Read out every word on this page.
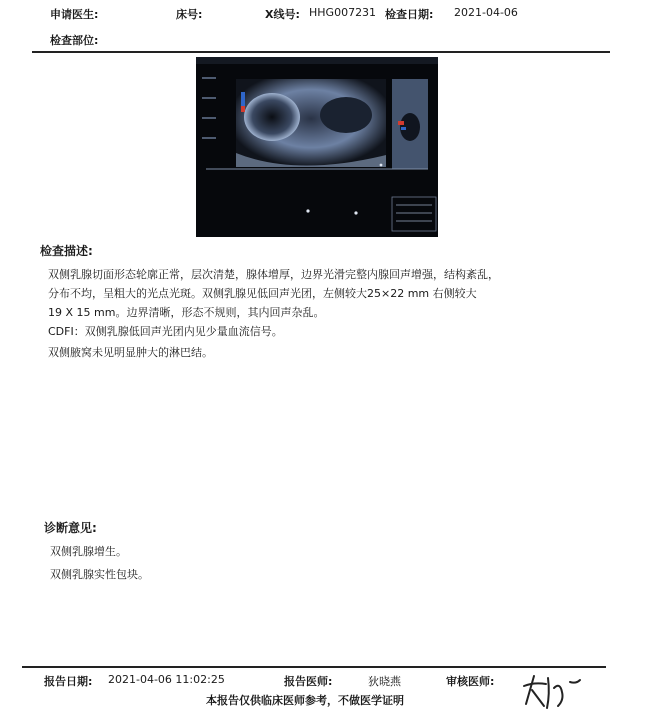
申请医生:	床号:	X线号: HHG007231 检查日期: 2021-04-06
检查部位:
检查描述:
双侧乳腺切面形态轮廓正常，层次清楚，腺体增厚，边界光滑完整内腺回声增强，结构紊乱，
分布不均，呈粗大的光点光斑。双侧乳腺见低回声光团，左侧较大25×22 mm 右侧较大
19 X 15 mm。边界清晰，形态不规则，其内回声杂乱。
CDFI：双侧乳腺低回声光团内见少量血流信号。
双侧腋窝未见明显肿大的淋巴结。
诊断意见:
双侧乳腺增生。
双侧乳腺实性包块。
报告日期: 2021-04-06 11:02:25	报告医师:	狄晓燕	审核医师:
本报告仅供临床医师参考，不做医学证明
